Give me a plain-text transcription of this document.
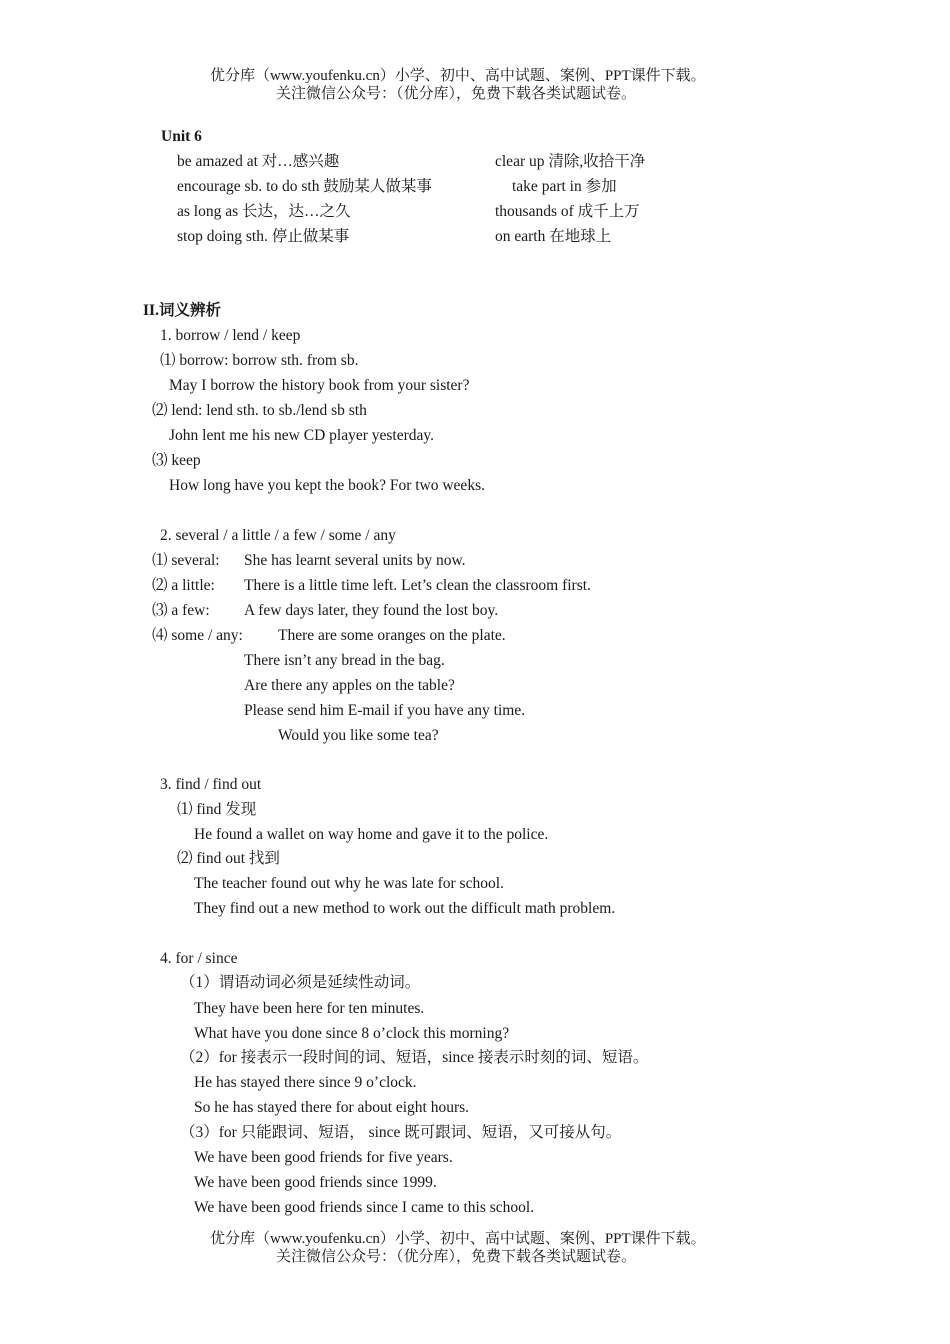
优分库（www.youfenku.cn）小学、初中、高中试题、案例、PPT课件下载。
关注微信公众号：（优分库），免费下载各类试题试卷。
Unit 6
be amazed at 对…感兴趣
encourage sb. to do sth 鼓励某人做某事
as long as 长达，达…之久
stop doing sth. 停止做某事
clear up 清除,收拾干净
take part in 参加
thousands of 成千上万
on earth 在地球上
II.词义辨析
1. borrow / lend / keep
⑴ borrow: borrow sth. from sb.
May I borrow the history book from your sister?
⑵ lend: lend sth. to sb./lend sb sth
John lent me his new CD player yesterday.
⑶ keep
How long have you kept the book? For two weeks.
2. several / a little / a few / some / any
⑴ several: She has learnt several units by now.
⑵ a little: There is a little time left. Let’s clean the classroom first.
⑶ a few: A few days later, they found the lost boy.
⑷ some / any: There are some oranges on the plate.
There isn’t any bread in the bag.
Are there any apples on the table?
Please send him E-mail if you have any time.
Would you like some tea?
3. find / find out
⑴ find 发现
He found a wallet on way home and gave it to the police.
⑵ find out 找到
The teacher found out why he was late for school.
They find out a new method to work out the difficult math problem.
4. for / since
（1）谓语动词必须是延续性动词。
They have been here for ten minutes.
What have you done since 8 o’clock this morning?
（2）for 接表示一段时间的词、短语，since 接表示时刻的词、短语。
He has stayed there since 9 o’clock.
So he has stayed there for about eight hours.
（3）for 只能跟词、短语， since 既可跟词、短语，又可接从句。
We have been good friends for five years.
We have been good friends since 1999.
We have been good friends since I came to this school.
优分库（www.youfenku.cn）小学、初中、高中试题、案例、PPT课件下载。
关注微信公众号：（优分库），免费下载各类试题试卷。
